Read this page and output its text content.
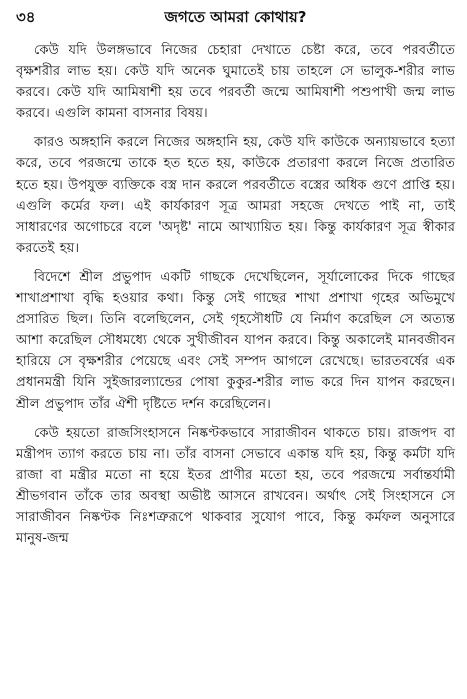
৩৪	জগতে আমরা কোথায়?

কেউ যদি উলঙ্গভাবে নিজের চেহারা দেখাতে চেষ্টা করে, তবে পরবর্তীতে বৃক্ষশরীর লাভ হয়। কেউ যদি অনেক ঘুমাতেই চায় তাহলে সে ভালুক-শরীর লাভ করবে। কেউ যদি আমিষাশী হয় তবে পরবর্তী জন্মে আমিষাশী পশুপাখী জন্ম লাভ করবে। এগুলি কামনা বাসনার বিষয়।

কারও অঙ্গহানি করলে নিজের অঙ্গহানি হয়, কেউ যদি কাউকে অন্যায়ভাবে হত্যা করে, তবে পরজন্মে তাকে হত হতে হয়, কাউকে প্রতারণা করলে নিজে প্রতারিত হতে হয়। উপযুক্ত ব্যক্তিকে বস্ত্র দান করলে পরবর্তীতে বস্ত্রের অধিক গুণে প্রাপ্তি হয়। এগুলি কর্মের ফল। এই কার্যকারণ সূত্র আমরা সহজে দেখতে পাই না, তাই সাধারণের অগোচরে বলে 'অদৃষ্ট' নামে আখ্যায়িত হয়। কিন্তু কার্যকারণ সূত্র স্বীকার করতেই হয়।

বিদেশে শ্রীল প্রভুপাদ একটি গাছকে দেখেছিলেন, সূর্যালোকের দিকে গাছের শাখাপ্রশাখা বৃদ্ধি হওয়ার কথা। কিন্তু সেই গাছের শাখা প্রশাখা গৃহের অভিমুখে প্রসারিত ছিল। তিনি বলেছিলেন, সেই গৃহসৌধটি যে নির্মাণ করেছিল সে অত্যন্ত আশা করেছিল সৌধমধ্যে থেকে সুখীজীবন যাপন করবে। কিন্তু অকালেই মানবজীবন হারিয়ে সে বৃক্ষশরীর পেয়েছে এবং সেই সম্পদ আগলে রেখেছে। ভারতবর্ষের এক প্রধানমন্ত্রী যিনি সুইজারল্যান্ডের পোষা কুকুর-শরীর লাভ করে দিন যাপন করছেন। শ্রীল প্রভুপাদ তাঁর ঐশী দৃষ্টিতে দর্শন করেছিলেন।

কেউ হয়তো রাজসিংহাসনে নিষ্কণ্টকভাবে সারাজীবন থাকতে চায়। রাজপদ বা মন্ত্রীপদ ত্যাগ করতে চায় না। তাঁর বাসনা সেভাবে একান্ত যদি হয়, কিন্তু কর্মটা যদি রাজা বা মন্ত্রীর মতো না হয়ে ইতর প্রাণীর মতো হয়, তবে পরজন্মে সর্বান্তর্যামী শ্রীভগবান তাঁকে তার অবস্থা অভীষ্ট আসনে রাখবেন। অর্থাৎ সেই সিংহাসনে সে সারাজীবন নিষ্কণ্টক নিঃশত্রুরূপে থাকবার সুযোগ পাবে, কিন্তু কর্মফল অনুসারে মানুষ-জন্ম
